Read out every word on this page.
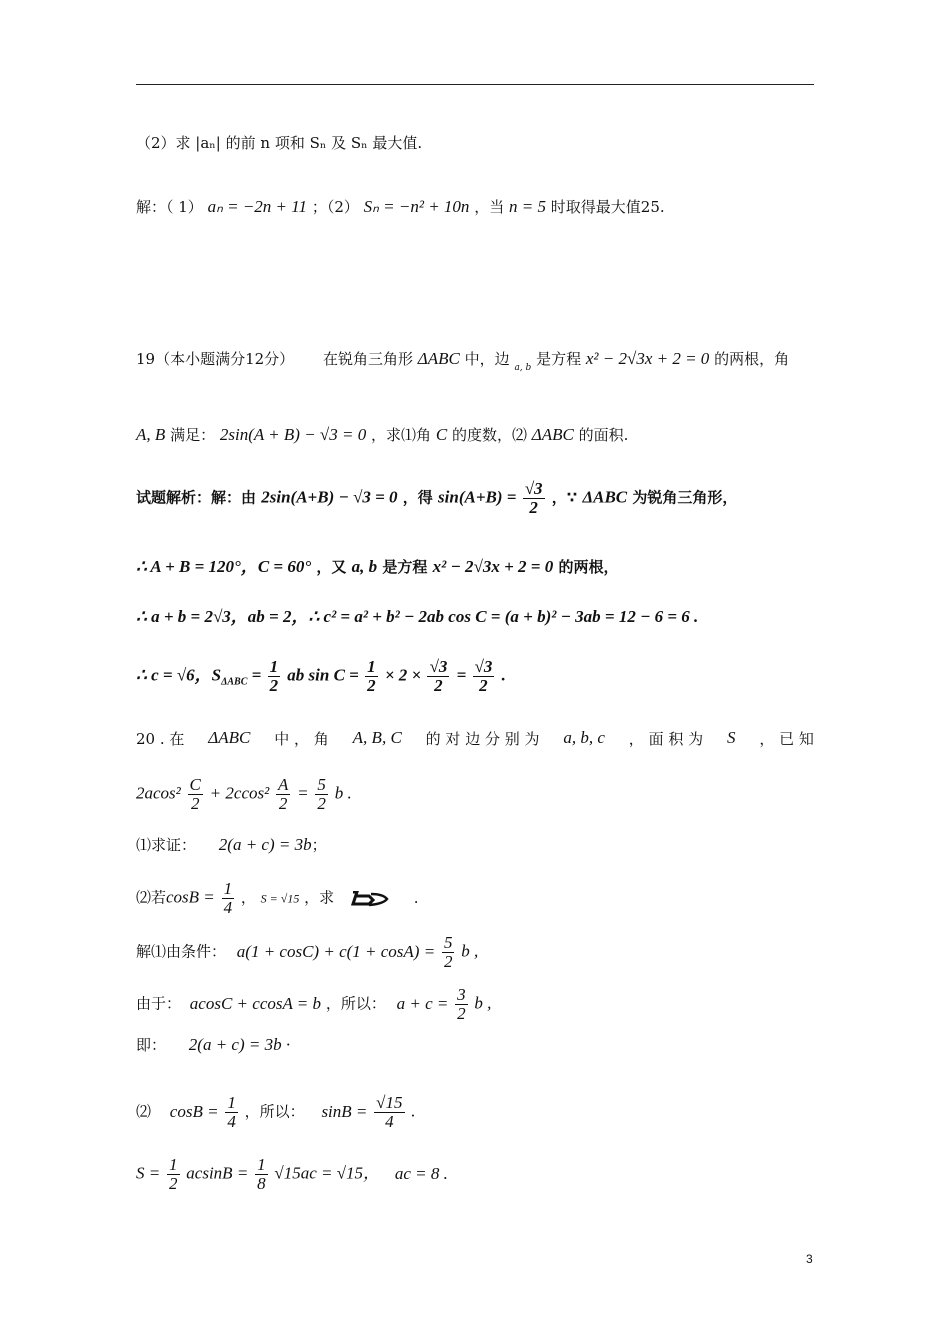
（2）求 |aₙ| 的前 n 项和 Sₙ 及 Sₙ 最大值.
解：（ 1） aₙ = −2n + 11 ；（2） Sₙ = −n² + 10n ，当 n = 5 时取得最大值25.
19（本小题满分12分） 在锐角三角形 ΔABC 中，边 $_{a, b}$ 是方程 x² − 2√3x + 2 = 0 的两根，角
A, B 满足： 2sin(A + B) − √3 = 0 ，求⑴角 C 的度数，⑵ ΔABC 的面积.
试题解析：解：由 2sin(A+B) − √3 = 0 ，得 $\sin(A+B) = \frac{√3}{2}$ ，∵ ΔABC 为锐角三角形，
∴ A + B = 120°，C = 60° ，又 a, b 是方程 x² − 2√3x + 2 = 0 的两根，
∴ a + b = 2√3，ab = 2，∴ c² = a² + b² − 2ab cos C = (a + b)² − 3ab = 12 − 6 = 6 .
∴ c = √6，$S_{\Delta ABC} = \frac{1}{2}$ ab $\sin C = \frac{1}{2} \times 2 \times \frac{√3}{2} = \frac{√3}{2}$ .
20 . 在 ΔABC 中 ， 角 A, B, C 的 对 边 分 别 为 a, b, c ， 面 积 为 S ， 已 知
$2acos^2 \frac{C}{2} + 2ccos^2 \frac{A}{2} = \frac{5}{2}$ b .
⑴求证： 2(a + c) = 3b；
⑵若$\cos B = \frac{1}{4}$ ， S = √15 ，求	.
解⑴由条件： $a(1 + \cos C) + c(1 + \cos A) = \frac{5}{2}$ b ,
由于： acosC + ccosA = b ，所以： $a + c = \frac{3}{2}$ b ,
即： 2(a + c) = 3b ·
⑵ $\cos B = \frac{1}{4}$ ，所以： $\sin B = \frac{√15}{4}$ .
$S = \frac{1}{2}$ $acsinB = \frac{1}{8} √15ac = √15$， ac = 8 .
3
